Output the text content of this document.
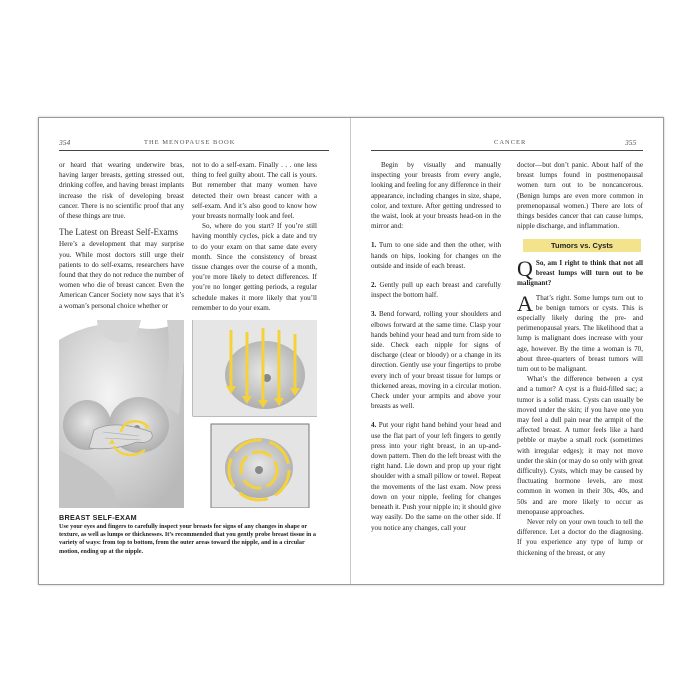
354	THE MENOPAUSE BOOK	CANCER	355

or heard that wearing underwire bras, having larger breasts, getting stressed out, drinking coffee, and having breast implants increase the risk of developing breast cancer. There is no scientific proof that any of these things are true.

The Latest on Breast Self-Exams

Here’s a development that may surprise you. While most doctors still urge their patients to do self-exams, researchers have found that they do not reduce the number of women who die of breast cancer. Even the American Cancer Society now says that it’s a woman’s personal choice whether or

not to do a self-exam. Finally . . . one less thing to feel guilty about. The call is yours. But remember that many women have detected their own breast cancer with a self-exam. And it’s also good to know how your breasts normally look and feel.

So, where do you start? If you’re still having monthly cycles, pick a date and try to do your exam on that same date every month. Since the consistency of breast tissue changes over the course of a month, you’re more likely to detect differences. If you’re no longer getting periods, a regular schedule makes it more likely that you’ll remember to do your exam.

BREAST SELF-EXAM
Use your eyes and fingers to carefully inspect your breasts for signs of any changes in shape or texture, as well as lumps or thicknesses. It’s recommended that you gently probe breast tissue in a variety of ways: from top to bottom, from the outer areas toward the nipple, and in a circular motion, ending up at the nipple.

Begin by visually and manually inspecting your breasts from every angle, looking and feeling for any difference in their appearance, including changes in size, shape, color, and texture. After getting undressed to the waist, look at your breasts head-on in the mirror and:

1. Turn to one side and then the other, with hands on hips, looking for changes on the outside and inside of each breast.

2. Gently pull up each breast and carefully inspect the bottom half.

3. Bend forward, rolling your shoulders and elbows forward at the same time. Clasp your hands behind your head and turn from side to side. Check each nipple for signs of discharge (clear or bloody) or a change in its direction. Gently use your fingertips to probe every inch of your breast tissue for lumps or thickened areas, moving in a circular motion. Check under your armpits and above your breasts as well.

4. Put your right hand behind your head and use the flat part of your left fingers to gently press into your right breast, in an up-and-down pattern. Then do the left breast with the right hand. Lie down and prop up your right shoulder with a small pillow or towel. Repeat the movements of the last exam. Now press down on your nipple, feeling for changes beneath it. Push your nipple in; it should give way easily. Do the same on the other side. If you notice any changes, call your

doctor—but don’t panic. About half of the breast lumps found in postmenopausal women turn out to be noncancerous. (Benign lumps are even more common in premenopausal women.) There are lots of things besides cancer that can cause lumps, nipple discharge, and inflammation.

Tumors vs. Cysts

Q So, am I right to think that not all breast lumps will turn out to be malignant?

A That’s right. Some lumps turn out to be benign tumors or cysts. This is especially likely during the pre- and perimenopausal years. The likelihood that a lump is malignant does increase with your age, however. By the time a woman is 70, about three-quarters of breast tumors will turn out to be malignant.

What’s the difference between a cyst and a tumor? A cyst is a fluid-filled sac; a tumor is a solid mass. Cysts can usually be moved under the skin; if you have one you may feel a dull pain near the armpit of the affected breast. A tumor feels like a hard pebble or maybe a small rock (sometimes with irregular edges); it may not move under the skin (or may do so only with great difficulty). Cysts, which may be caused by fluctuating hormone levels, are most common in women in their 30s, 40s, and 50s and are more likely to occur as menopause approaches.

Never rely on your own touch to tell the difference. Let a doctor do the diagnosing. If you experience any type of lump or thickening of the breast, or any
